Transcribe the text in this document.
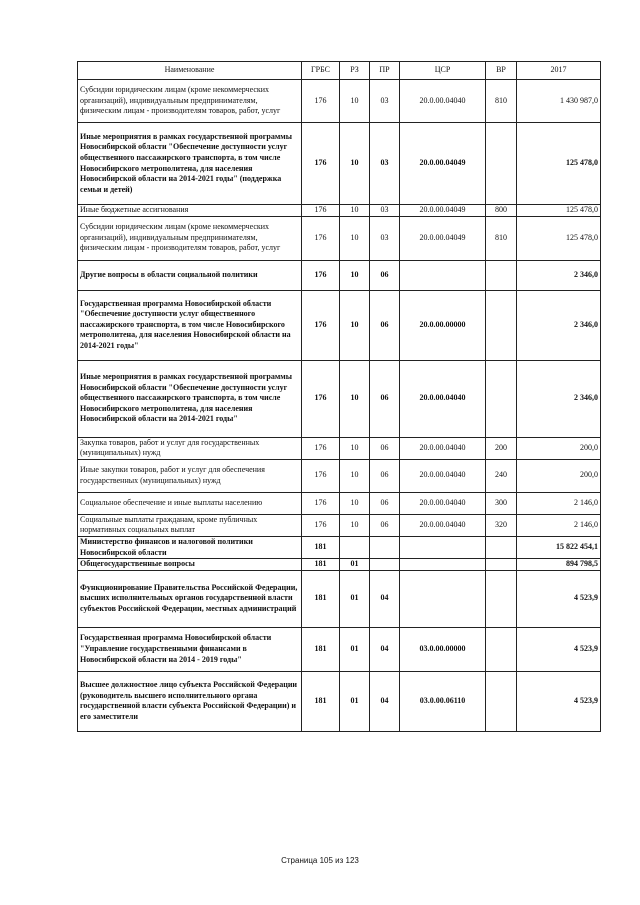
Наименование	ГРБС	РЗ	ПР	ЦСР	ВР	2017
Субсидии юридическим лицам (кроме некоммерческих организаций), индивидуальным предпринимателям, физическим лицам - производителям товаров, работ, услуг	176	10	03	20.0.00.04040	810	1 430 987,0
Иные мероприятия в рамках государственной программы Новосибирской области "Обеспечение доступности услуг общественного пассажирского транспорта, в том числе Новосибирского метрополитена, для населения Новосибирской области на 2014-2021 годы" (поддержка семьи и детей)	176	10	03	20.0.00.04049		125 478,0
Иные бюджетные ассигнования	176	10	03	20.0.00.04049	800	125 478,0
Субсидии юридическим лицам (кроме некоммерческих организаций), индивидуальным предпринимателям, физическим лицам - производителям товаров, работ, услуг	176	10	03	20.0.00.04049	810	125 478,0
Другие вопросы в области социальной политики	176	10	06			2 346,0
Государственная программа Новосибирской области "Обеспечение доступности услуг общественного пассажирского транспорта, в том числе Новосибирского метрополитена, для населения Новосибирской области на 2014-2021 годы"	176	10	06	20.0.00.00000		2 346,0
Иные мероприятия в рамках государственной программы Новосибирской области "Обеспечение доступности услуг общественного пассажирского транспорта, в том числе Новосибирского метрополитена, для населения Новосибирской области на 2014-2021 годы"	176	10	06	20.0.00.04040		2 346,0
Закупка товаров, работ и услуг для государственных (муниципальных) нужд	176	10	06	20.0.00.04040	200	200,0
Иные закупки товаров, работ и услуг для обеспечения государственных (муниципальных) нужд	176	10	06	20.0.00.04040	240	200,0
Социальное обеспечение и иные выплаты населению	176	10	06	20.0.00.04040	300	2 146,0
Социальные выплаты гражданам, кроме публичных нормативных социальных выплат	176	10	06	20.0.00.04040	320	2 146,0
Министерство финансов и налоговой политики Новосибирской области	181					15 822 454,1
Общегосударственные вопросы	181	01				894 798,5
Функционирование Правительства Российской Федерации, высших исполнительных органов государственной власти субъектов Российской Федерации, местных администраций	181	01	04			4 523,9
Государственная программа Новосибирской области "Управление государственными финансами в Новосибирской области на 2014 - 2019 годы"	181	01	04	03.0.00.00000		4 523,9
Высшее должностное лицо субъекта Российской Федерации (руководитель высшего исполнительного органа государственной власти субъекта Российской Федерации) и его заместители	181	01	04	03.0.00.06110		4 523,9
Страница 105 из 123
